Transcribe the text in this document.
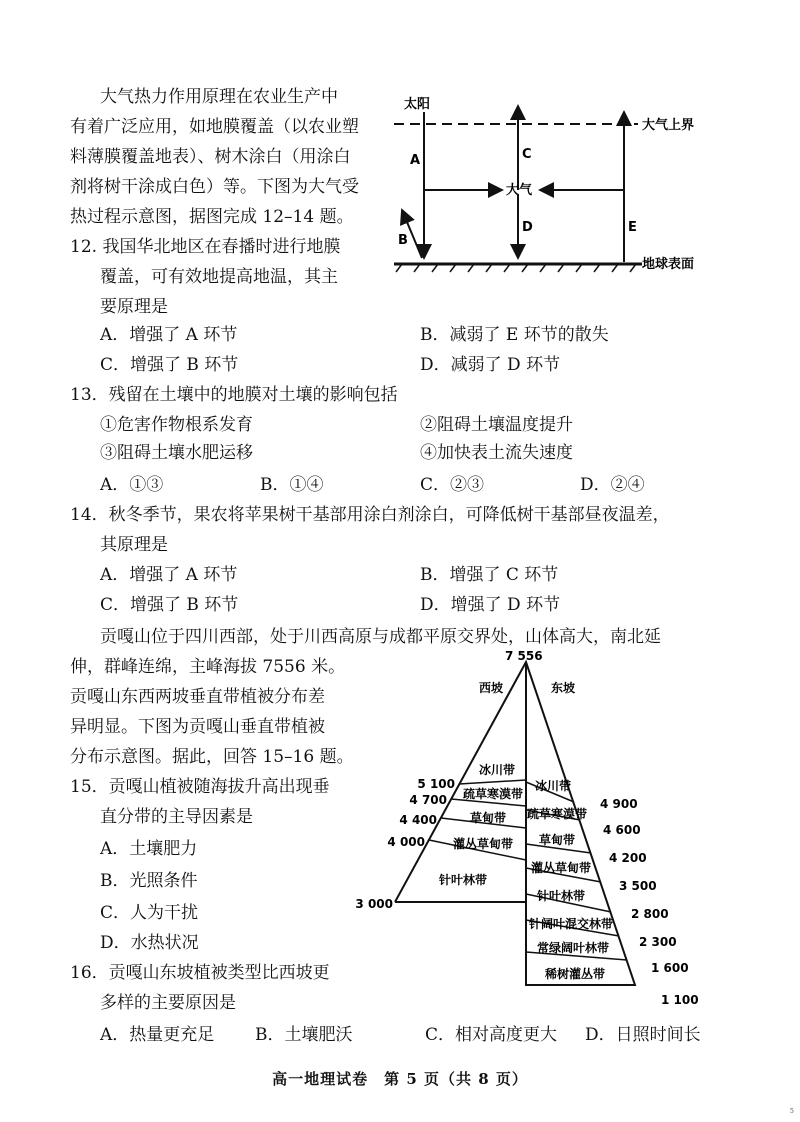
大气热力作用原理在农业生产中
有着广泛应用，如地膜覆盖（以农业塑
料薄膜覆盖地表）、树木涂白（用涂白
剂将树干涂成白色）等。下图为大气受
热过程示意图，据图完成 12–14 题。
大气上界
太阳
A
B
C
大气
D	E
地球表面
12. 我国华北地区在春播时进行地膜
覆盖，可有效地提高地温，其主
要原理是
A．增强了 A 环节	B．减弱了 E 环节的散失
C．增强了 B 环节	D．减弱了 D 环节
13．残留在土壤中的地膜对土壤的影响包括
①危害作物根系发育	②阻碍土壤温度提升
③阻碍土壤水肥运移	④加快表土流失速度
A．①③	B．①④	C．②③	D．②④
14．秋冬季节，果农将苹果树干基部用涂白剂涂白，可降低树干基部昼夜温差，
其原理是
A．增强了 A 环节	B．增强了 C 环节
C．增强了 B 环节	D．增强了 D 环节
贡嘎山位于四川西部，处于川西高原与成都平原交界处，山体高大，南北延
伸，群峰连绵，主峰海拔 7556 米。
贡嘎山东西两坡垂直带植被分布差
异明显。下图为贡嘎山垂直带植被
分布示意图。据此，回答 15–16 题。
7 556
西坡	东坡
5 100
4 700
4 400
4 000
3 000
4 900
4 600
4 200
3 500
2 800
2 300
1 600
1 100
冰川带
疏草寒漠带
草甸带
灌丛草甸带
针叶林带
冰川带
疏草寒漠带
草甸带
灌丛草甸带
针叶林带
针阔叶混交林带
常绿阔叶林带
稀树灌丛带
15．贡嘎山植被随海拔升高出现垂
直分带的主导因素是
A．土壤肥力
B．光照条件
C．人为干扰
D．水热状况
16．贡嘎山东坡植被类型比西坡更
多样的主要原因是
A．热量更充足 B．土壤肥沃	C．相对高度更大 D．日照时间长
高一地理试卷　第 5 页（共 8 页）
5
